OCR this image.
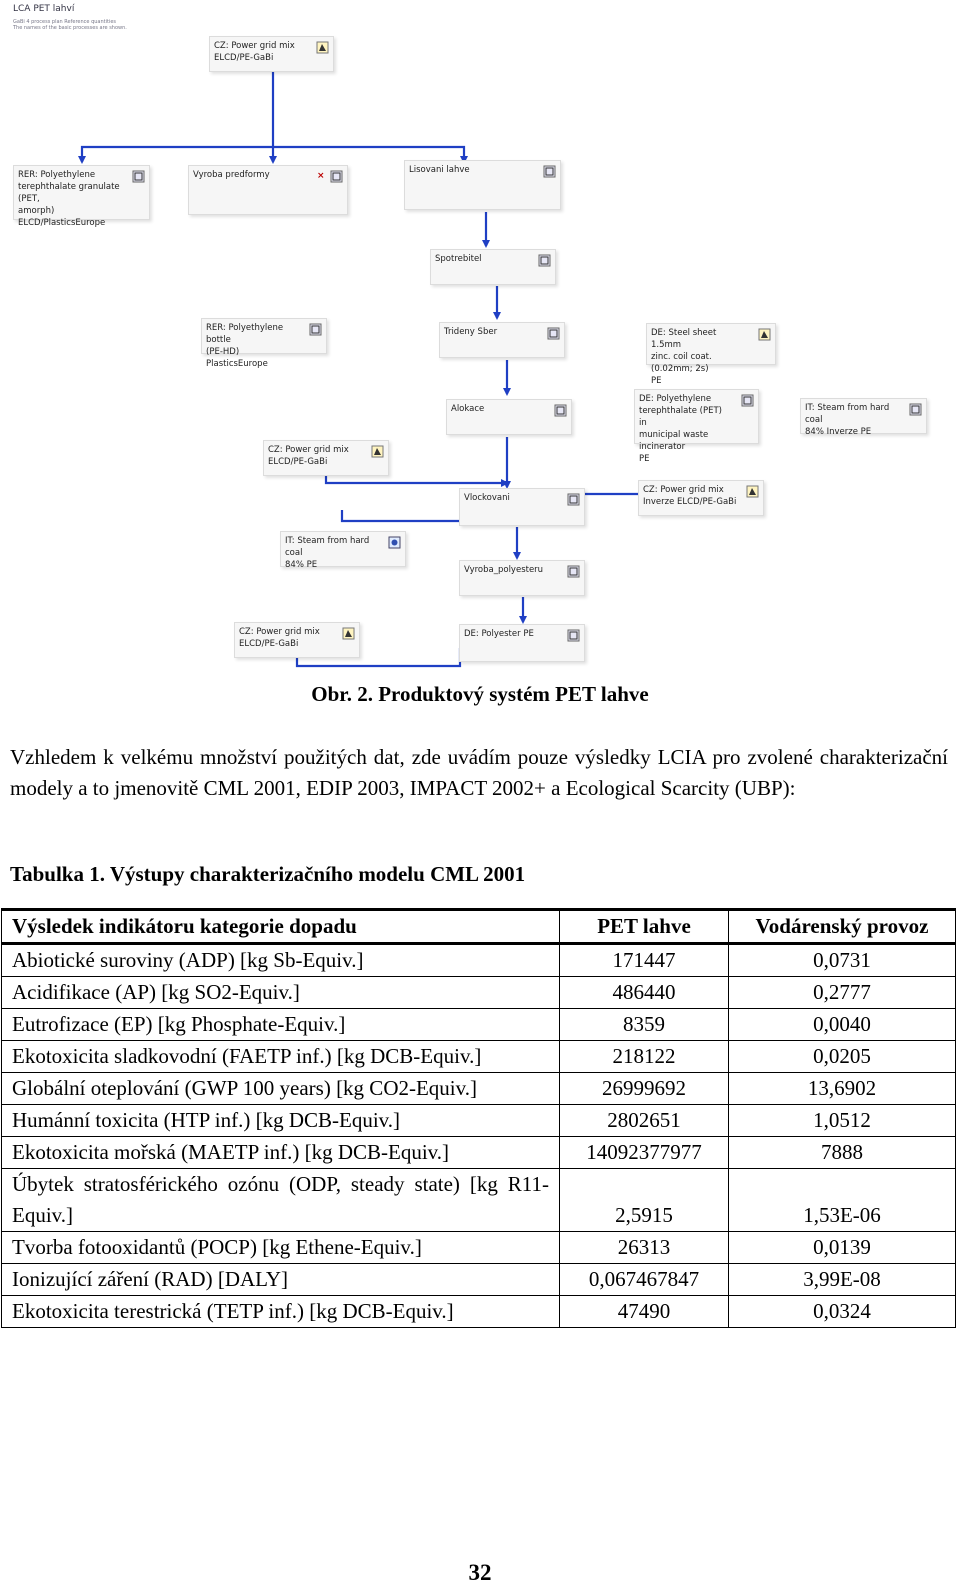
LCA PET lahví
GaBi 4 process plan Reference quantities
The names of the basic processes are shown.
CZ: Power grid mix
ELCD/PE-GaBi
RER: Polyethylene
terephthalate granulate (PET,
amorph) ELCD/PlasticsEurope
Vyroba predformy	×
Lisovani lahve
Spotrebitel
RER: Polyethylene bottle
(PE-HD) PlasticsEurope
Trideny Sber	DE: Steel sheet 1.5mm
zinc. coil coat. (0.02mm; 2s)
PE
Alokace
DE: Polyethylene
terephthalate (PET) in
municipal waste incinerator
PE
IT: Steam from hard coal
84% Inverze PE
CZ: Power grid mix
ELCD/PE-GaBi
Vlockovani
CZ: Power grid mix
Inverze ELCD/PE-GaBi
IT: Steam from hard coal
84% PE	Vyroba_polyesteru
CZ: Power grid mix
ELCD/PE-GaBi
DE: Polyester PE
Obr. 2. Produktový systém PET lahve
Vzhledem k velkému množství použitých dat, zde uvádím pouze výsledky LCIA pro zvolené charakterizační modely a to jmenovitě CML 2001, EDIP 2003, IMPACT 2002+ a Ecological Scarcity (UBP):
Tabulka 1. Výstupy charakterizačního modelu CML 2001
Výsledek indikátoru kategorie dopadu	PET lahve	Vodárenský provoz
Abiotické suroviny (ADP) [kg Sb-Equiv.]	171447	0,0731
Acidifikace (AP) [kg SO2-Equiv.]	486440	0,2777
Eutrofizace (EP) [kg Phosphate-Equiv.]	8359	0,0040
Ekotoxicita sladkovodní (FAETP inf.) [kg DCB-Equiv.]	218122	0,0205
Globální oteplování (GWP 100 years) [kg CO2-Equiv.]	26999692	13,6902
Humánní toxicita (HTP inf.) [kg DCB-Equiv.]	2802651	1,0512
Ekotoxicita mořská (MAETP inf.) [kg DCB-Equiv.]	14092377977	7888
Úbytek stratosférického ozónu (ODP, steady state) [kg R11-Equiv.]	2,5915	1,53E-06
Tvorba fotooxidantů (POCP) [kg Ethene-Equiv.]	26313	0,0139
Ionizující záření (RAD) [DALY]	0,067467847	3,99E-08
Ekotoxicita terestrická (TETP inf.) [kg DCB-Equiv.]	47490	0,0324
32
